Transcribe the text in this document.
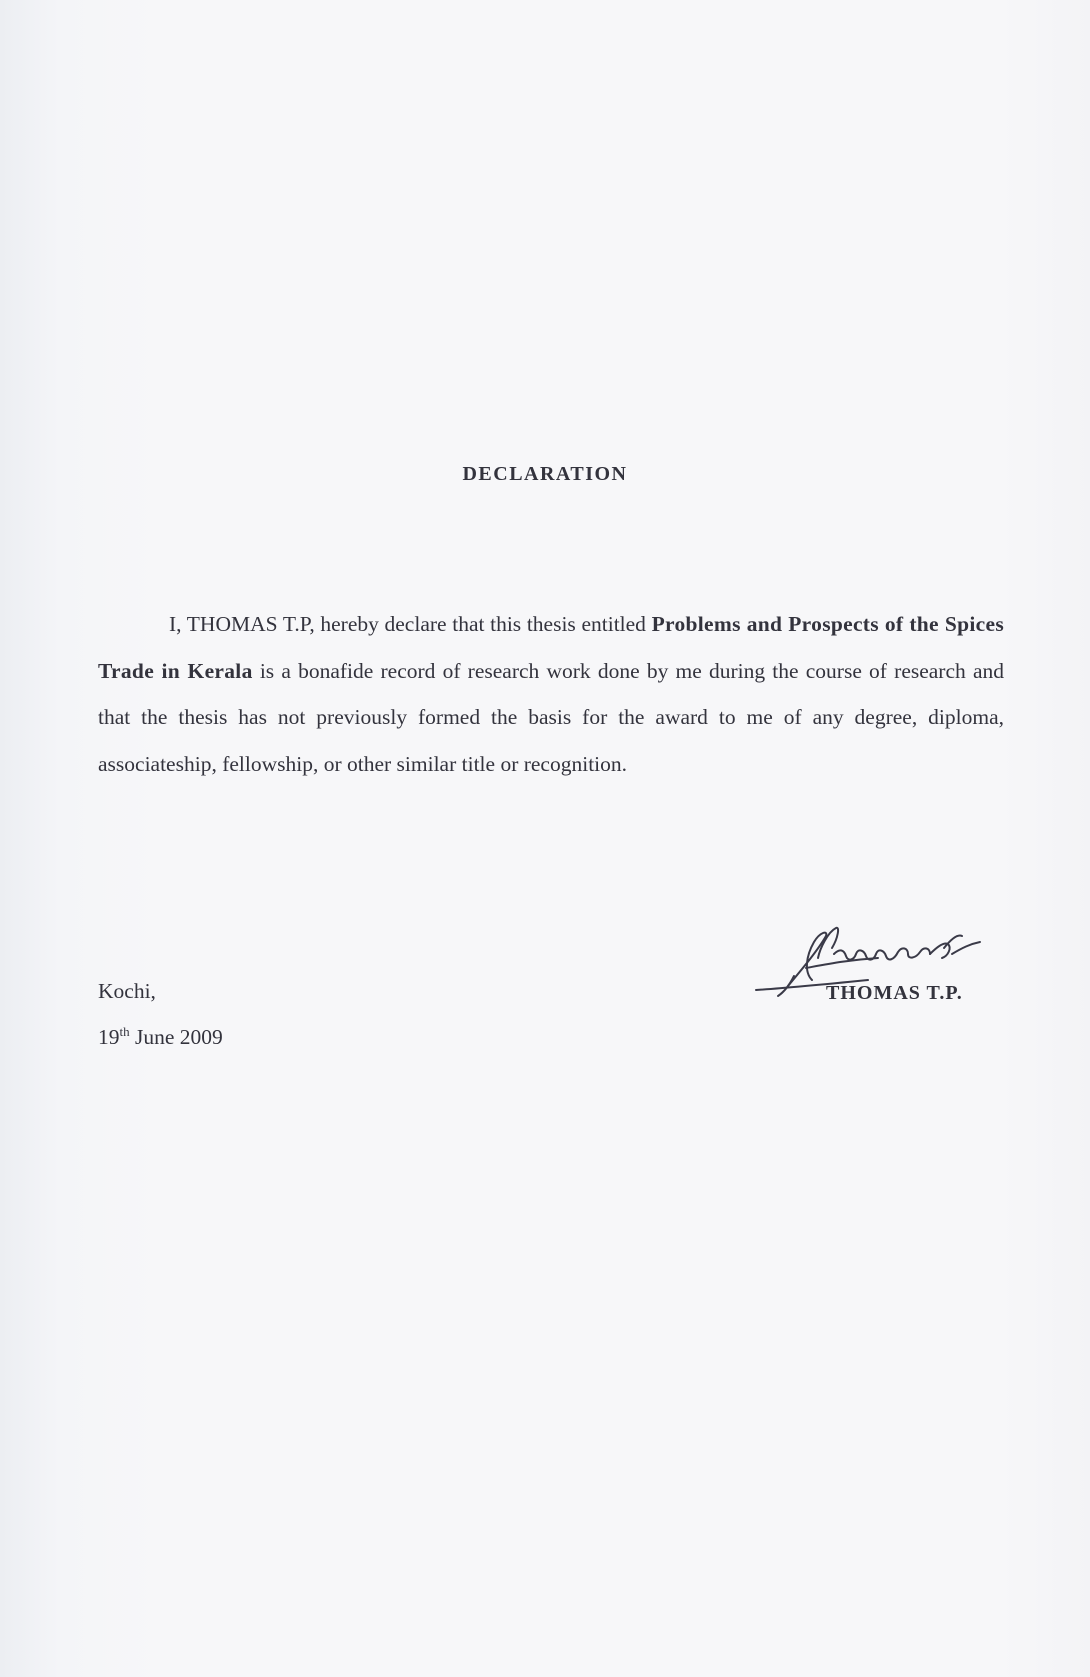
DECLARATION

I, THOMAS T.P, hereby declare that this thesis entitled Problems and Prospects of the Spices Trade in Kerala is a bonafide record of research work done by me during the course of research and that the thesis has not previously formed the basis for the award to me of any degree, diploma, associateship, fellowship, or other similar title or recognition.

Kochi,
19th June 2009
THOMAS T.P.
